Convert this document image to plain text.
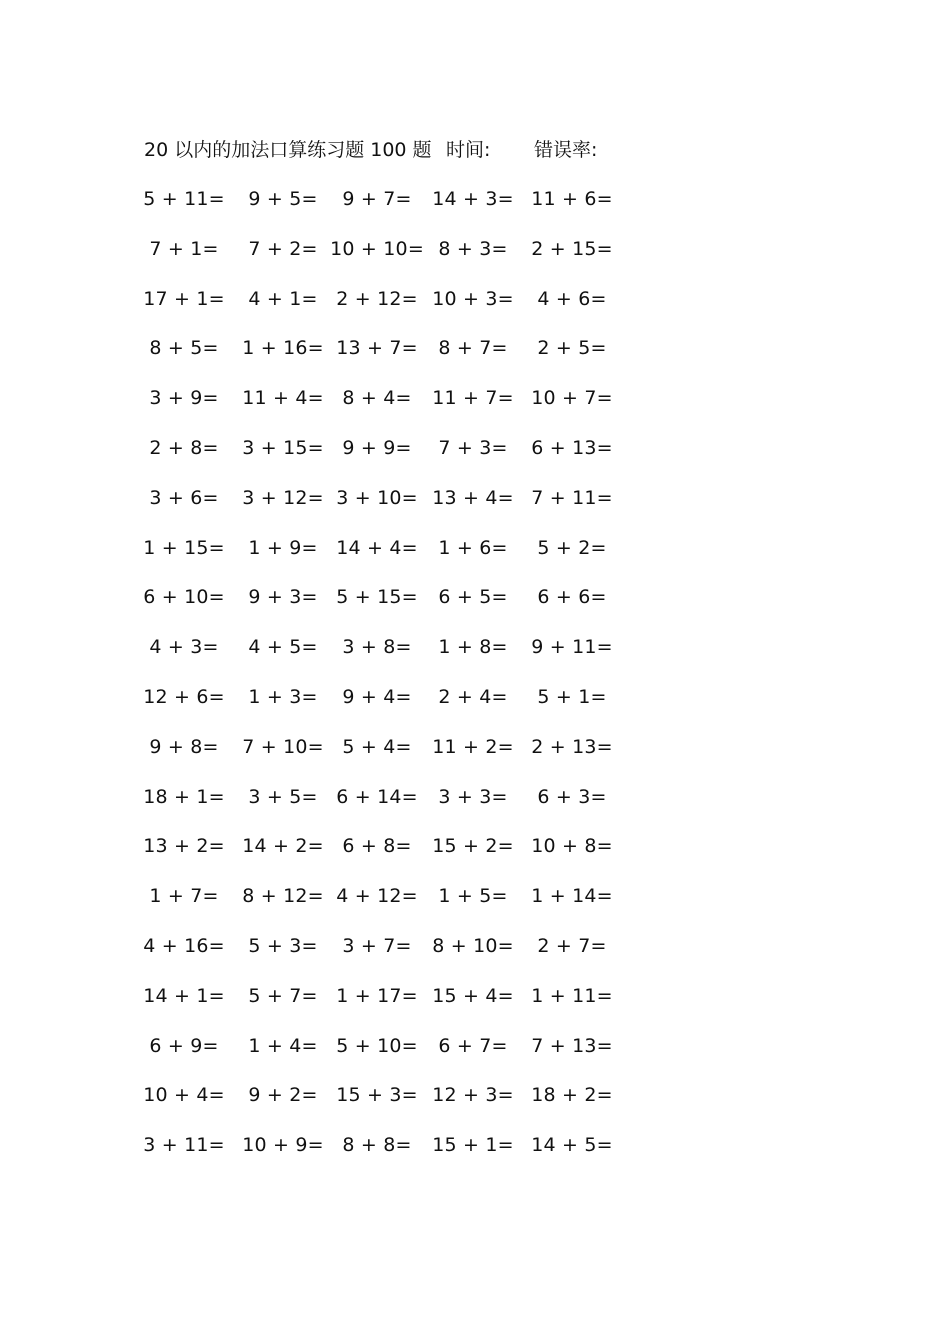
20 以内的加法口算练习题 100 题 时间: 错误率:
5 + 11= 9 + 5= 9 + 7= 14 + 3= 11 + 6=
7 + 1= 7 + 2= 10 + 10= 8 + 3= 2 + 15=
17 + 1= 4 + 1= 2 + 12= 10 + 3= 4 + 6=
8 + 5= 1 + 16= 13 + 7= 8 + 7= 2 + 5=
3 + 9= 11 + 4= 8 + 4= 11 + 7= 10 + 7=
2 + 8= 3 + 15= 9 + 9= 7 + 3= 6 + 13=
3 + 6= 3 + 12= 3 + 10= 13 + 4= 7 + 11=
1 + 15= 1 + 9= 14 + 4= 1 + 6= 5 + 2=
6 + 10= 9 + 3= 5 + 15= 6 + 5= 6 + 6=
4 + 3= 4 + 5= 3 + 8= 1 + 8= 9 + 11=
12 + 6= 1 + 3= 9 + 4= 2 + 4= 5 + 1=
9 + 8= 7 + 10= 5 + 4= 11 + 2= 2 + 13=
18 + 1= 3 + 5= 6 + 14= 3 + 3= 6 + 3=
13 + 2= 14 + 2= 6 + 8= 15 + 2= 10 + 8=
1 + 7= 8 + 12= 4 + 12= 1 + 5= 1 + 14=
4 + 16= 5 + 3= 3 + 7= 8 + 10= 2 + 7=
14 + 1= 5 + 7= 1 + 17= 15 + 4= 1 + 11=
6 + 9= 1 + 4= 5 + 10= 6 + 7= 7 + 13=
10 + 4= 9 + 2= 15 + 3= 12 + 3= 18 + 2=
3 + 11= 10 + 9= 8 + 8= 15 + 1= 14 + 5=
